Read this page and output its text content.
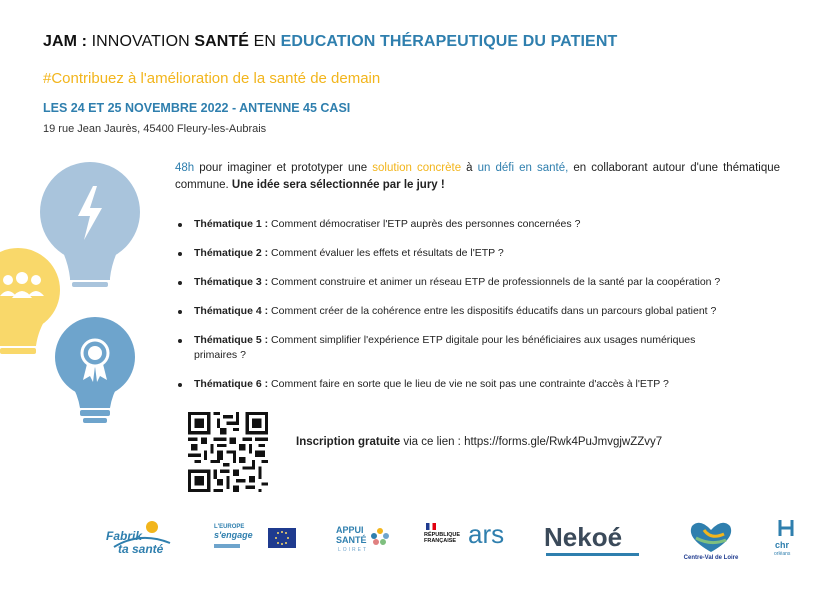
JAM : INNOVATION SANTÉ EN EDUCATION THÉRAPEUTIQUE DU PATIENT
#Contribuez à l'amélioration de la santé de demain
LES 24 ET 25 NOVEMBRE 2022 - ANTENNE 45 CASI
19 rue Jean Jaurès, 45400 Fleury-les-Aubrais
48h pour imaginer et prototyper une solution concrète à un défi en santé, en collaborant autour d'une thématique commune. Une idée sera sélectionnée par le jury !
Thématique 1 : Comment démocratiser l'ETP auprès des personnes concernées ?
Thématique 2 : Comment évaluer les effets et résultats de l'ETP ?
Thématique 3 : Comment construire et animer un réseau ETP de professionnels de la santé par la coopération ?
Thématique 4 : Comment créer de la cohérence entre les dispositifs éducatifs dans un parcours global patient ?
Thématique 5 : Comment simplifier l'expérience ETP digitale pour les bénéficiaires aux usages numériques primaires ?
Thématique 6 : Comment faire en sorte que le lieu de vie ne soit pas une contrainte d'accès à l'ETP ?
Inscription gratuite via ce lien : https://forms.gle/Rwk4PuJmvgjwZZvy7
Fabrik
ta santé
L'EUROPE
s'engage	APPUI
SANTÉ
LOIRET
RÉPUBLIQUE
FRANÇAISE ars Nekoé
Centre-Val de Loire
chr
orléans
